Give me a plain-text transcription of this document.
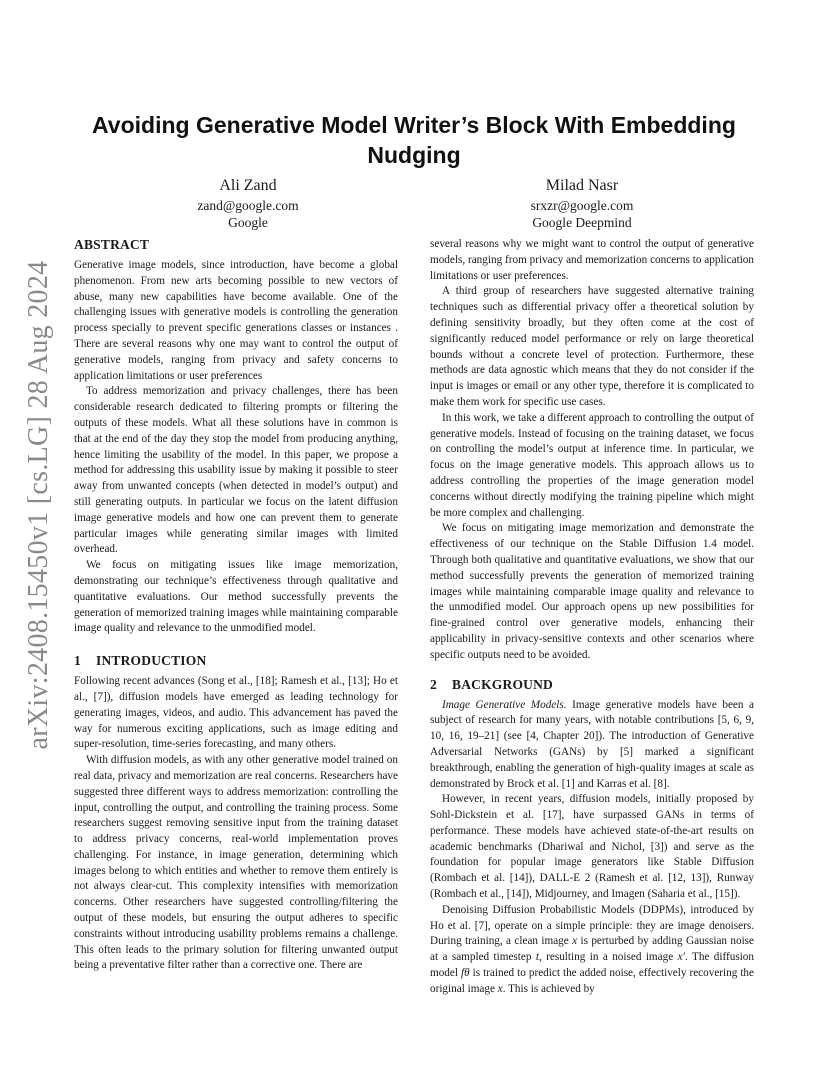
arXiv:2408.15450v1 [cs.LG] 28 Aug 2024
Avoiding Generative Model Writer’s Block With Embedding Nudging
Ali Zand
zand@google.com
Google
Milad Nasr
srxzr@google.com
Google Deepmind
ABSTRACT

Generative image models, since introduction, have become a global phenomenon. From new arts becoming possible to new vectors of abuse, many new capabilities have become available. One of the challenging issues with generative models is controlling the generation process specially to prevent specific generations classes or instances . There are several reasons why one may want to control the output of generative models, ranging from privacy and safety concerns to application limitations or user preferences

To address memorization and privacy challenges, there has been considerable research dedicated to filtering prompts or filtering the outputs of these models. What all these solutions have in common is that at the end of the day they stop the model from producing anything, hence limiting the usability of the model. In this paper, we propose a method for addressing this usability issue by making it possible to steer away from unwanted concepts (when detected in model’s output) and still generating outputs. In particular we focus on the latent diffusion image generative models and how one can prevent them to generate particular images while generating similar images with limited overhead.

We focus on mitigating issues like image memorization, demonstrating our technique’s effectiveness through qualitative and quantitative evaluations. Our method successfully prevents the generation of memorized training images while maintaining comparable image quality and relevance to the unmodified model.

1 INTRODUCTION

Following recent advances (Song et al., [18]; Ramesh et al., [13]; Ho et al., [7]), diffusion models have emerged as leading technology for generating images, videos, and audio. This advancement has paved the way for numerous exciting applications, such as image editing and super-resolution, time-series forecasting, and many others.

With diffusion models, as with any other generative model trained on real data, privacy and memorization are real concerns. Researchers have suggested three different ways to address memorization: controlling the input, controlling the output, and controlling the training process. Some researchers suggest removing sensitive input from the training dataset to address privacy concerns, real-world implementation proves challenging. For instance, in image generation, determining which images belong to which entities and whether to remove them entirely is not always clear-cut. This complexity intensifies with memorization concerns. Other researchers have suggested controlling/filtering the output of these models, but ensuring the output adheres to specific constraints without introducing usability problems remains a challenge. This often leads to the primary solution for filtering unwanted output being a preventative filter rather than a corrective one. There are

several reasons why we might want to control the output of generative models, ranging from privacy and memorization concerns to application limitations or user preferences.

A third group of researchers have suggested alternative training techniques such as differential privacy offer a theoretical solution by defining sensitivity broadly, but they often come at the cost of significantly reduced model performance or rely on large theoretical bounds without a concrete level of protection. Furthermore, these methods are data agnostic which means that they do not consider if the input is images or email or any other type, therefore it is complicated to make them work for specific use cases.

In this work, we take a different approach to controlling the output of generative models. Instead of focusing on the training dataset, we focus on controlling the model’s output at inference time. In particular, we focus on the image generative models. This approach allows us to address controlling the properties of the image generation model concerns without directly modifying the training pipeline which might be more complex and challenging.

We focus on mitigating image memorization and demonstrate the effectiveness of our technique on the Stable Diffusion 1.4 model. Through both qualitative and quantitative evaluations, we show that our method successfully prevents the generation of memorized training images while maintaining comparable image quality and relevance to the unmodified model. Our approach opens up new possibilities for fine-grained control over generative models, enhancing their applicability in privacy-sensitive contexts and other scenarios where specific outputs need to be avoided.

2 BACKGROUND

Image Generative Models. Image generative models have been a subject of research for many years, with notable contributions [5, 6, 9, 10, 16, 19–21] (see [4, Chapter 20]). The introduction of Generative Adversarial Networks (GANs) by [5] marked a significant breakthrough, enabling the generation of high-quality images at scale as demonstrated by Brock et al. [1] and Karras et al. [8].

However, in recent years, diffusion models, initially proposed by Sohl-Dickstein et al. [17], have surpassed GANs in terms of performance. These models have achieved state-of-the-art results on academic benchmarks (Dhariwal and Nichol, [3]) and serve as the foundation for popular image generators like Stable Diffusion (Rombach et al. [14]), DALL-E 2 (Ramesh et al. [12, 13]), Runway (Rombach et al., [14]), Midjourney, and Imagen (Saharia et al., [15]).

Denoising Diffusion Probabilistic Models (DDPMs), introduced by Ho et al. [7], operate on a simple principle: they are image denoisers. During training, a clean image x is perturbed by adding Gaussian noise at a sampled timestep t, resulting in a noised image x′. The diffusion model fθ is trained to predict the added noise, effectively recovering the original image x. This is achieved by
